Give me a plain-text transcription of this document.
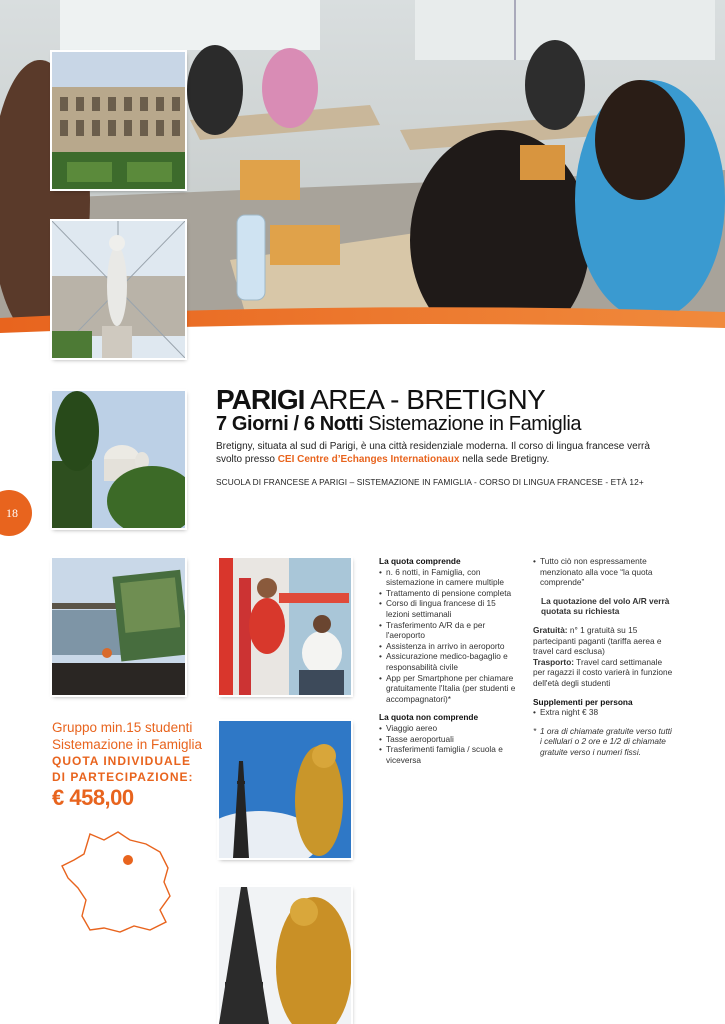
18
PARIGI AREA - BRETIGNY
7 Giorni / 6 Notti Sistemazione in Famiglia
Bretigny, situata al sud di Parigi, è una città residenziale moderna. Il corso di lingua francese verrà svolto presso CEI Centre d’Echanges Internationaux nella sede Bretigny.
SCUOLA DI FRANCESE A PARIGI – SISTEMAZIONE IN FAMIGLIA - CORSO DI LINGUA FRANCESE - ETÀ 12+
La quota comprende
• n. 6 notti, in Famiglia, con sistemazione in camere multiple
• Trattamento di pensione completa
• Corso di lingua francese di 15 lezioni settimanali
• Trasferimento A/R da e per l'aeroporto
• Assistenza in arrivo in aeroporto
• Assicurazione medico-bagaglio e responsabilità civile
• App per Smartphone per chiamare gratuitamente l'Italia (per studenti e accompagnatori)*
La quota non comprende
• Viaggio aereo
• Tasse aeroportuali
• Trasferimenti famiglia / scuola e viceversa
• Tutto ciò non espressamente menzionato alla voce “la quota comprende”

La quotazione del volo A/R verrà quotata su richiesta

Gratuità: n° 1 gratuità su 15 partecipanti paganti (tariffa aerea e travel card esclusa)

Trasporto: Travel card settimanale per ragazzi il costo varierà in funzione dell'età degli studenti

Supplementi per persona
• Extra night € 38

* 1 ora di chiamate gratuite verso tutti i cellulari o 2 ore e 1/2 di chiamate gratuite verso i numeri fissi.

Gruppo min.15 studenti
Sistemazione in Famiglia
QUOTA INDIVIDUALE
DI PARTECIPAZIONE:
€ 458,00
